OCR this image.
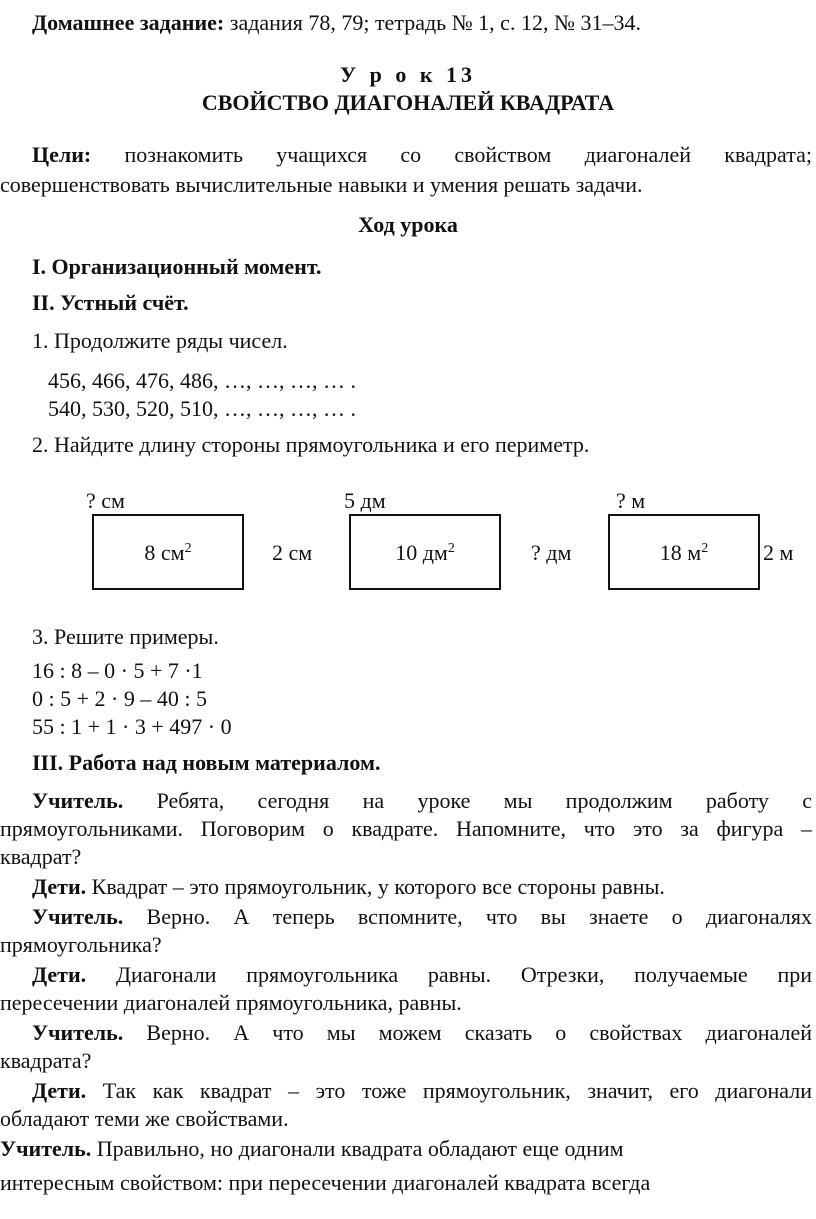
Домашнее задание: задания 78, 79; тетрадь № 1, с. 12, № 31–34.
У р о к 13
СВОЙСТВО ДИАГОНАЛЕЙ КВАДРАТА
Цели: познакомить учащихся со свойством диагоналей квадрата;
совершенствовать вычислительные навыки и умения решать задачи.
Ход урока
I. Организационный момент.
II. Устный счёт.
1. Продолжите ряды чисел.
456, 466, 476, 486, …, …, …, … .
540, 530, 520, 510, …, …, …, … .
2. Найдите длину стороны прямоугольника и его периметр.
? см
8 $см^2$	2 см
5 дм
10 $дм^2$	? дм
? м
18 $м^2$	2 м
3. Решите примеры.
16 : 8 – 0 · 5 + 7 ·1
0 : 5 + 2 · 9 – 40 : 5
55 : 1 + 1 · 3 + 497 · 0
III. Работа над новым материалом.
Учитель. Ребята, сегодня на уроке мы продолжим работу с
прямоугольниками. Поговорим о квадрате. Напомните, что это за фигура –
квадрат?
Дети. Квадрат – это прямоугольник, у которого все стороны равны.
Учитель. Верно. А теперь вспомните, что вы знаете о диагоналях
прямоугольника?
Дети. Диагонали прямоугольника равны. Отрезки, получаемые при
пересечении диагоналей прямоугольника, равны.
Учитель. Верно. А что мы можем сказать о свойствах диагоналей
квадрата?
Дети. Так как квадрат – это тоже прямоугольник, значит, его диагонали
обладают теми же свойствами.
Учитель. Правильно, но диагонали квадрата обладают еще одним
интересным свойством: при пересечении диагоналей квадрата всегда
